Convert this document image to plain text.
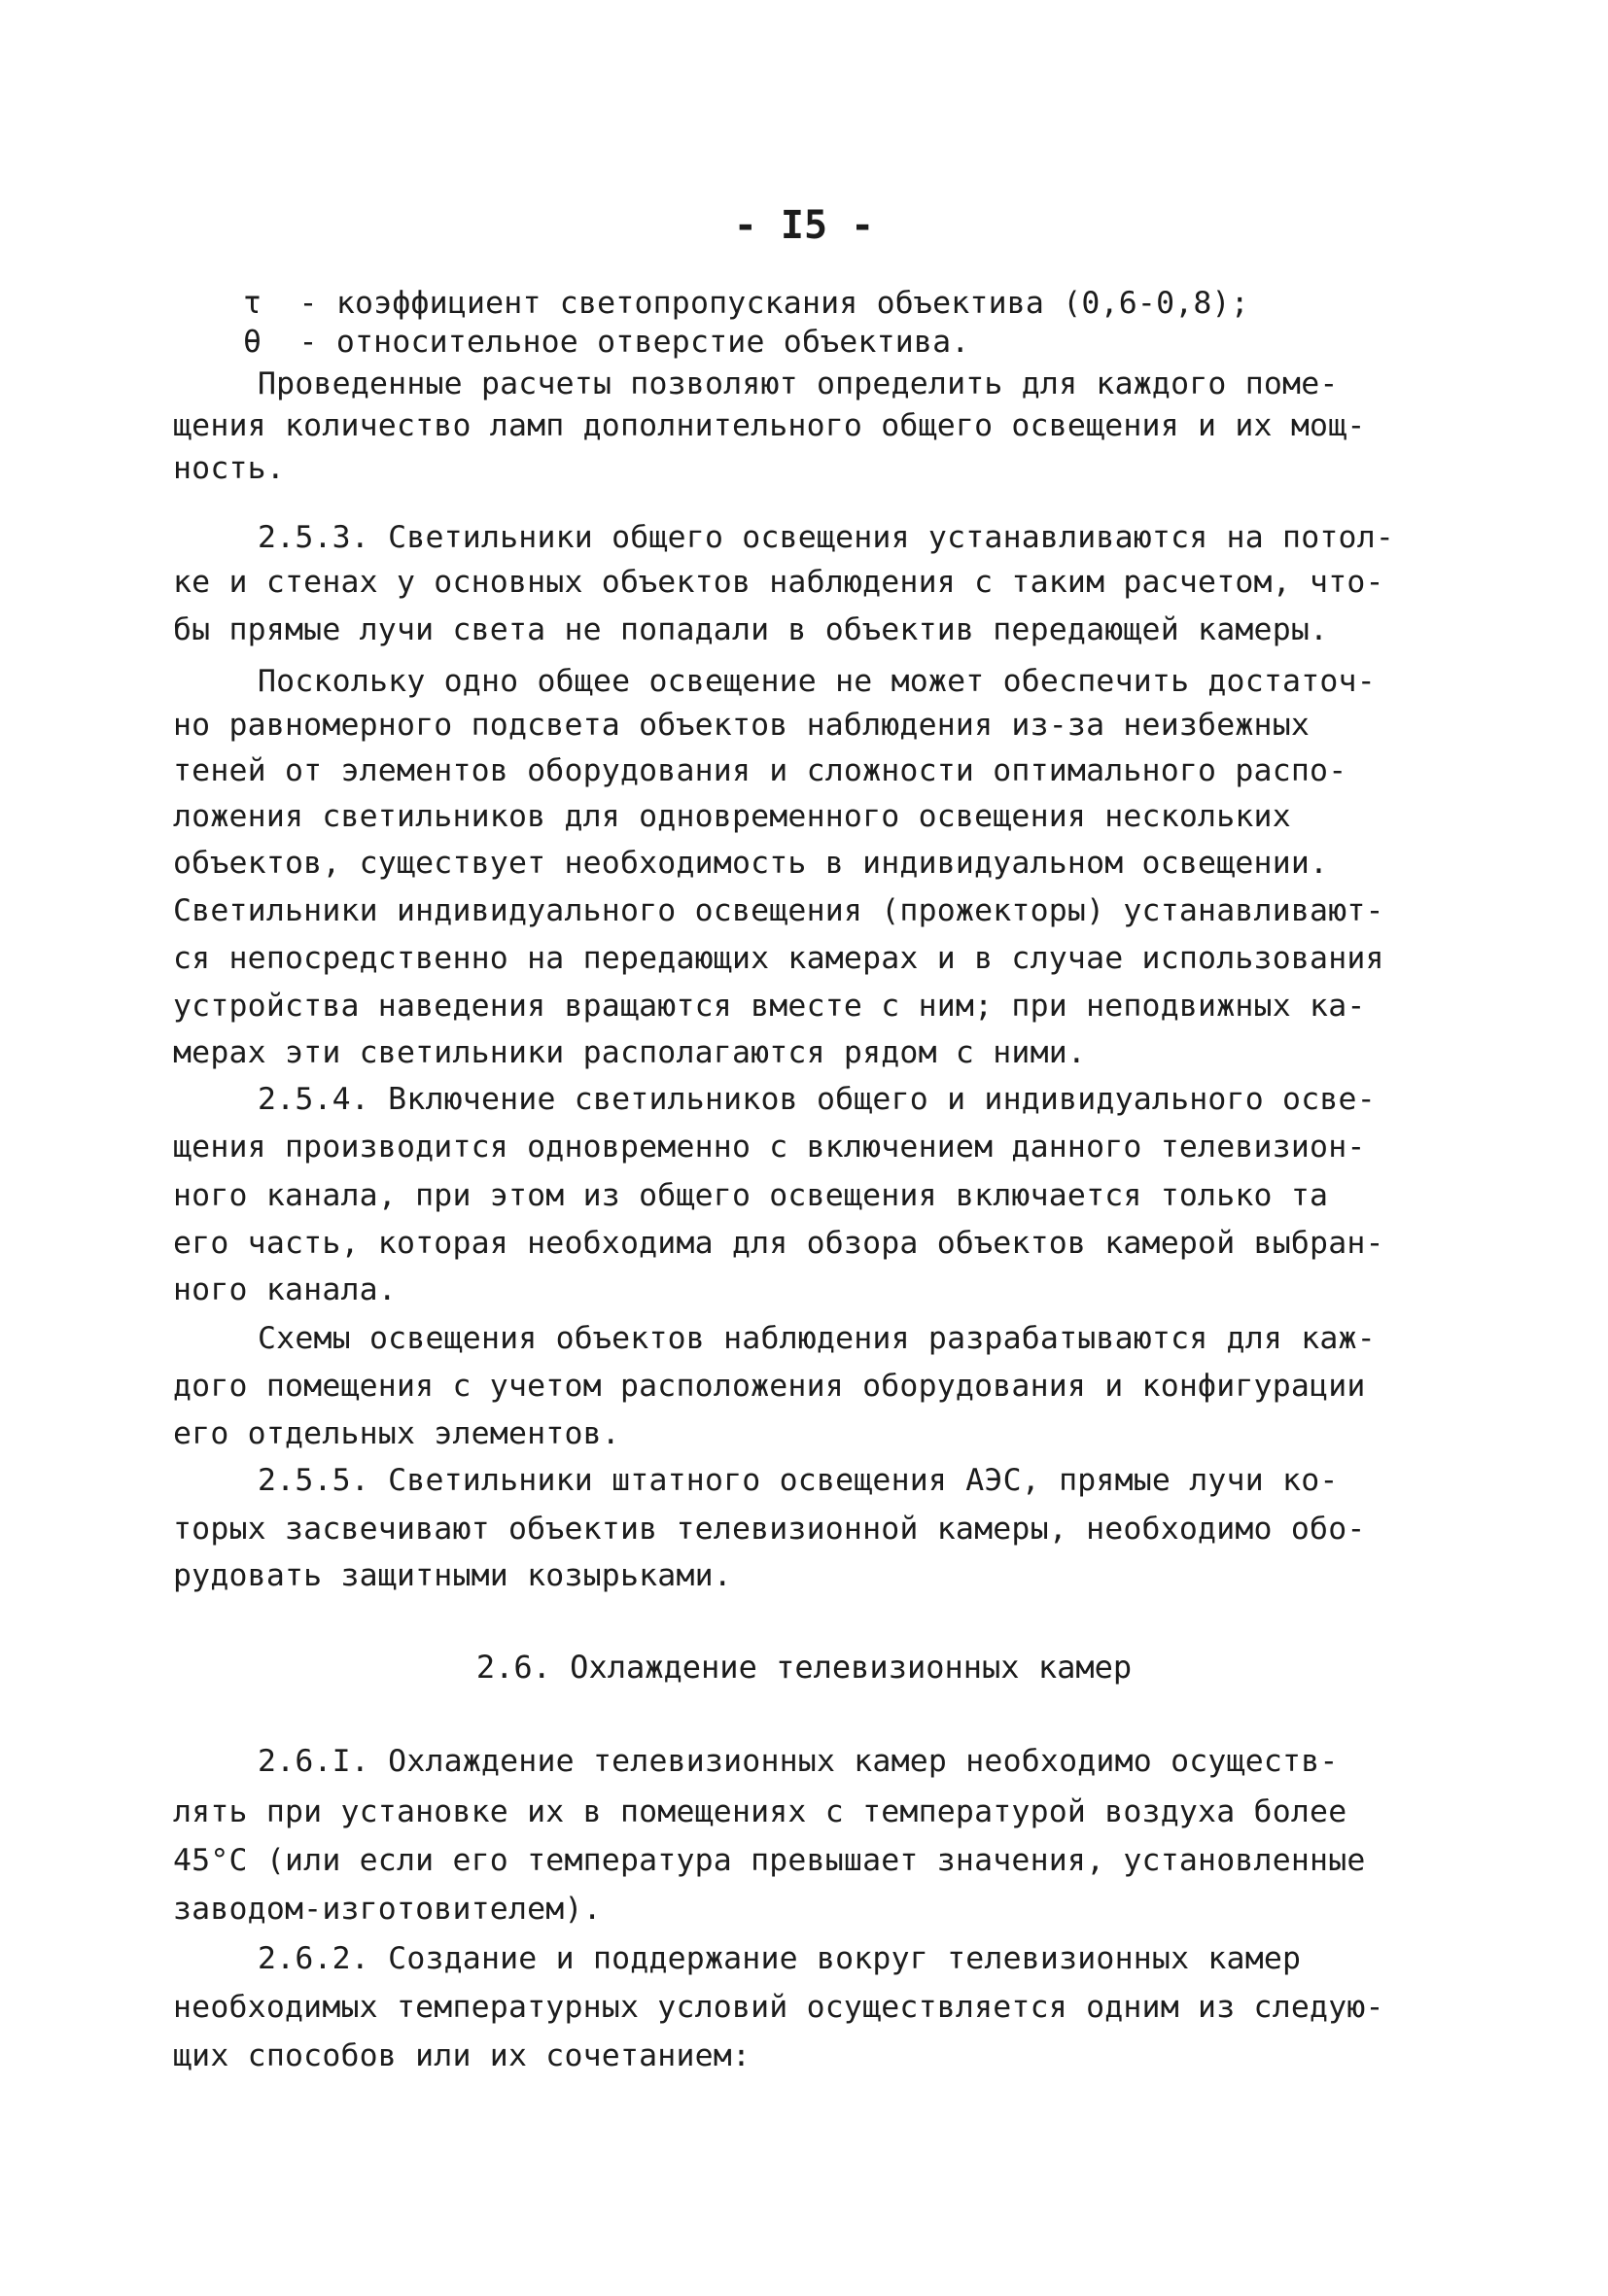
- I5 -
τ  - коэффициент светопропускания объектива (0,6-0,8);
θ  - относительное отверстие объектива.
Проведенные расчеты позволяют определить для каждого поме-
щения количество ламп дополнительного общего освещения и их мощ-
ность.
2.5.3. Светильники общего освещения устанавливаются на потол-
ке и стенах у основных объектов наблюдения с таким расчетом, что-
бы прямые лучи света не попадали в объектив передающей камеры.
Поскольку одно общее освещение не может обеспечить достаточ-
но равномерного подсвета объектов наблюдения из-за неизбежных
теней от элементов оборудования и сложности оптимального распо-
ложения светильников для одновременного освещения нескольких
объектов, существует необходимость в индивидуальном освещении.
Светильники индивидуального освещения (прожекторы) устанавливают-
ся непосредственно на передающих камерах и в случае использования
устройства наведения вращаются вместе с ним; при неподвижных ка-
мерах эти светильники располагаются рядом с ними.
2.5.4. Включение светильников общего и индивидуального осве-
щения производится одновременно с включением данного телевизион-
ного канала, при этом из общего освещения включается только та
его часть, которая необходима для обзора объектов камерой выбран-
ного канала.
Схемы освещения объектов наблюдения разрабатываются для каж-
дого помещения с учетом расположения оборудования и конфигурации
его отдельных элементов.
2.5.5. Светильники штатного освещения АЭС, прямые лучи ко-
торых засвечивают объектив телевизионной камеры, необходимо обо-
рудовать защитными козырьками.
2.6. Охлаждение телевизионных камер
2.6.I. Охлаждение телевизионных камер необходимо осуществ-
лять при установке их в помещениях с температурой воздуха более
45°С (или если его температура превышает значения, установленные
заводом-изготовителем).
2.6.2. Создание и поддержание вокруг телевизионных камер
необходимых температурных условий осуществляется одним из следую-
щих способов или их сочетанием:
